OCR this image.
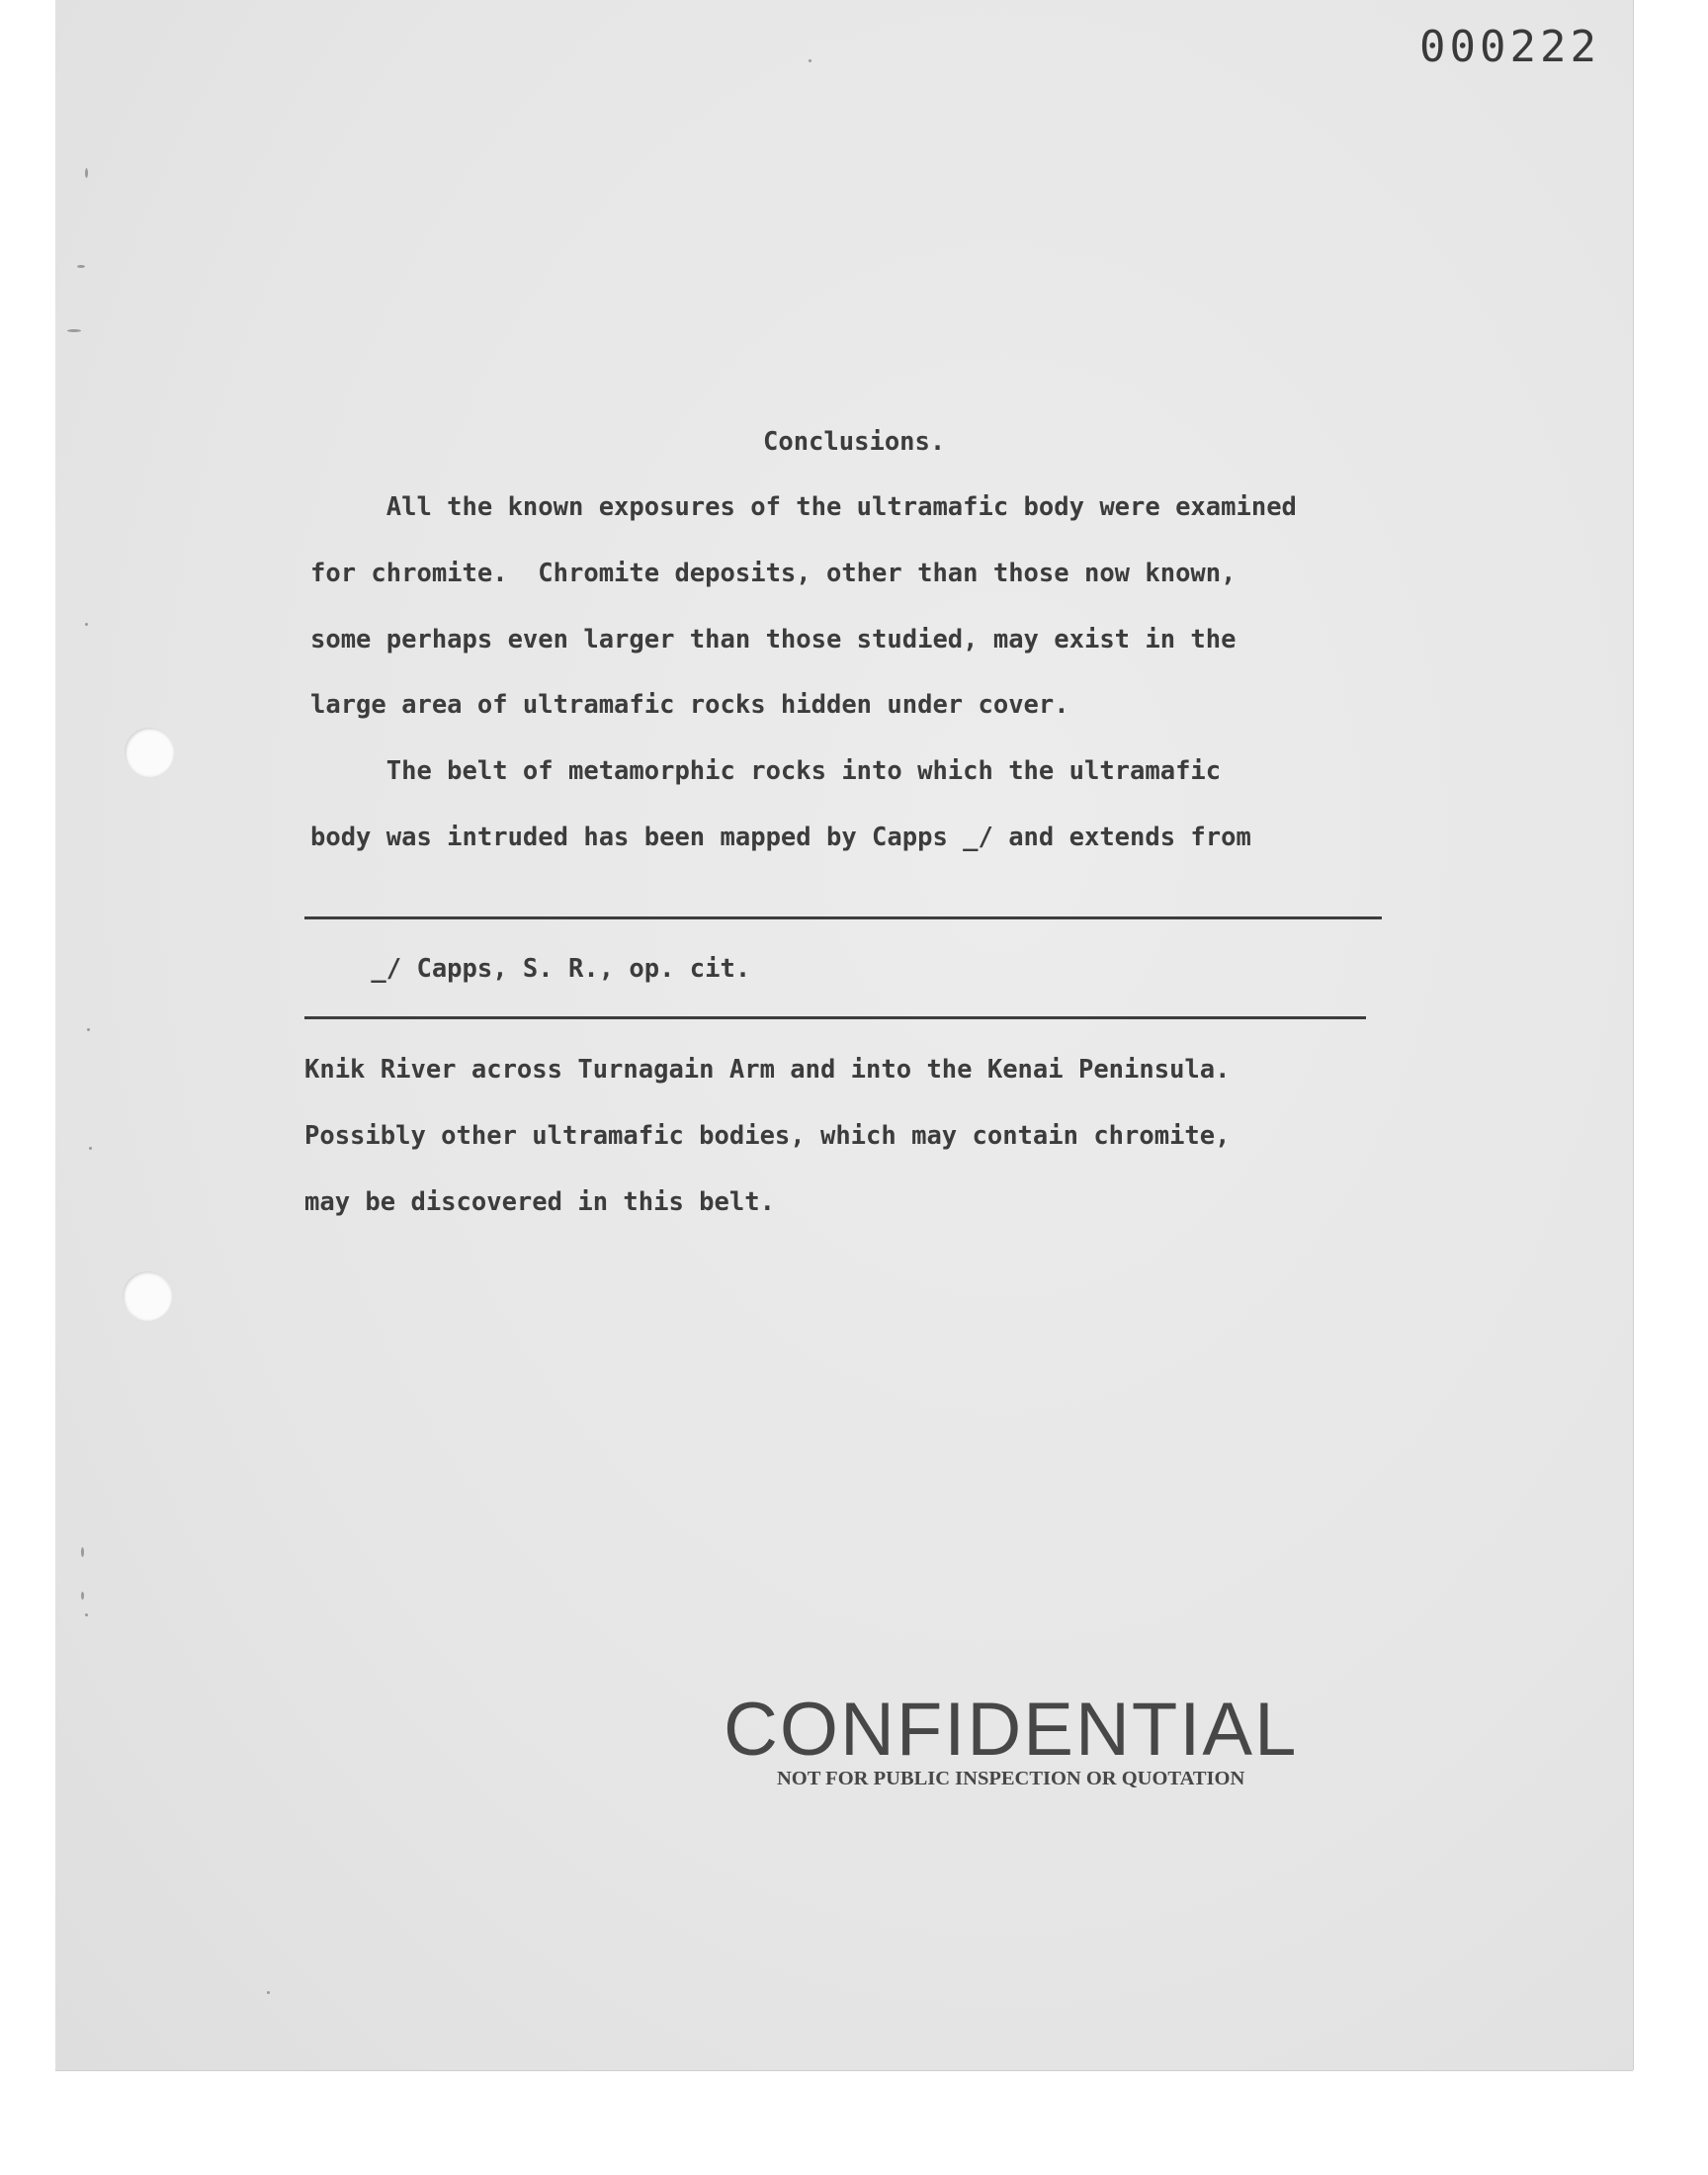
000222

Conclusions.

All the known exposures of the ultramafic body were examined

for chromite.  Chromite deposits, other than those now known,

some perhaps even larger than those studied, may exist in the

large area of ultramafic rocks hidden under cover.

The belt of metamorphic rocks into which the ultramafic

body was intruded has been mapped by Capps _/ and extends from

_/ Capps, S. R., op. cit.

Knik River across Turnagain Arm and into the Kenai Peninsula.

Possibly other ultramafic bodies, which may contain chromite,

may be discovered in this belt.

CONFIDENTIAL
NOT FOR PUBLIC INSPECTION OR QUOTATION
